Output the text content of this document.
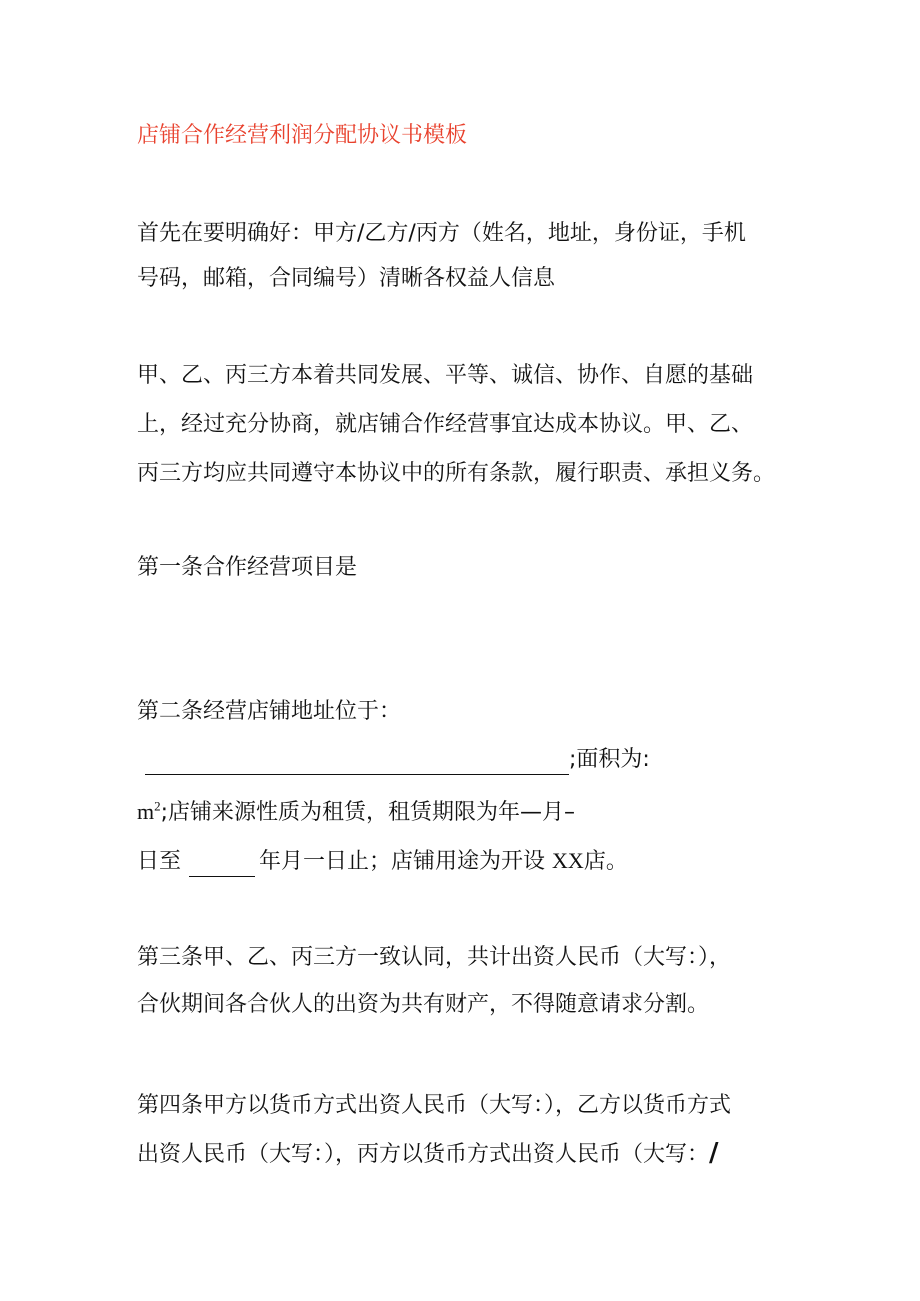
店铺合作经营利润分配协议书模板
首先在要明确好：甲方/乙方/丙方（姓名，地址，身份证，手机
号码，邮箱，合同编号）清晰各权益人信息
甲、乙、丙三方本着共同发展、平等、诚信、协作、自愿的基础
上，经过充分协商，就店铺合作经营事宜达成本协议。甲、乙、
丙三方均应共同遵守本协议中的所有条款，履行职责、承担义务。
第一条合作经营项目是
第二条经营店铺地址位于：
;面积为:
$m^2$;店铺来源性质为租赁，租赁期限为年—月–
日至	年月一日止；店铺用途为开设 XX店。
第三条甲、乙、丙三方一致认同，共计出资人民币（大写：），
合伙期间各合伙人的出资为共有财产，不得随意请求分割。
第四条甲方以货币方式出资人民币（大写：），乙方以货币方式
出资人民币（大写：），丙方以货币方式出资人民币（大写：/
